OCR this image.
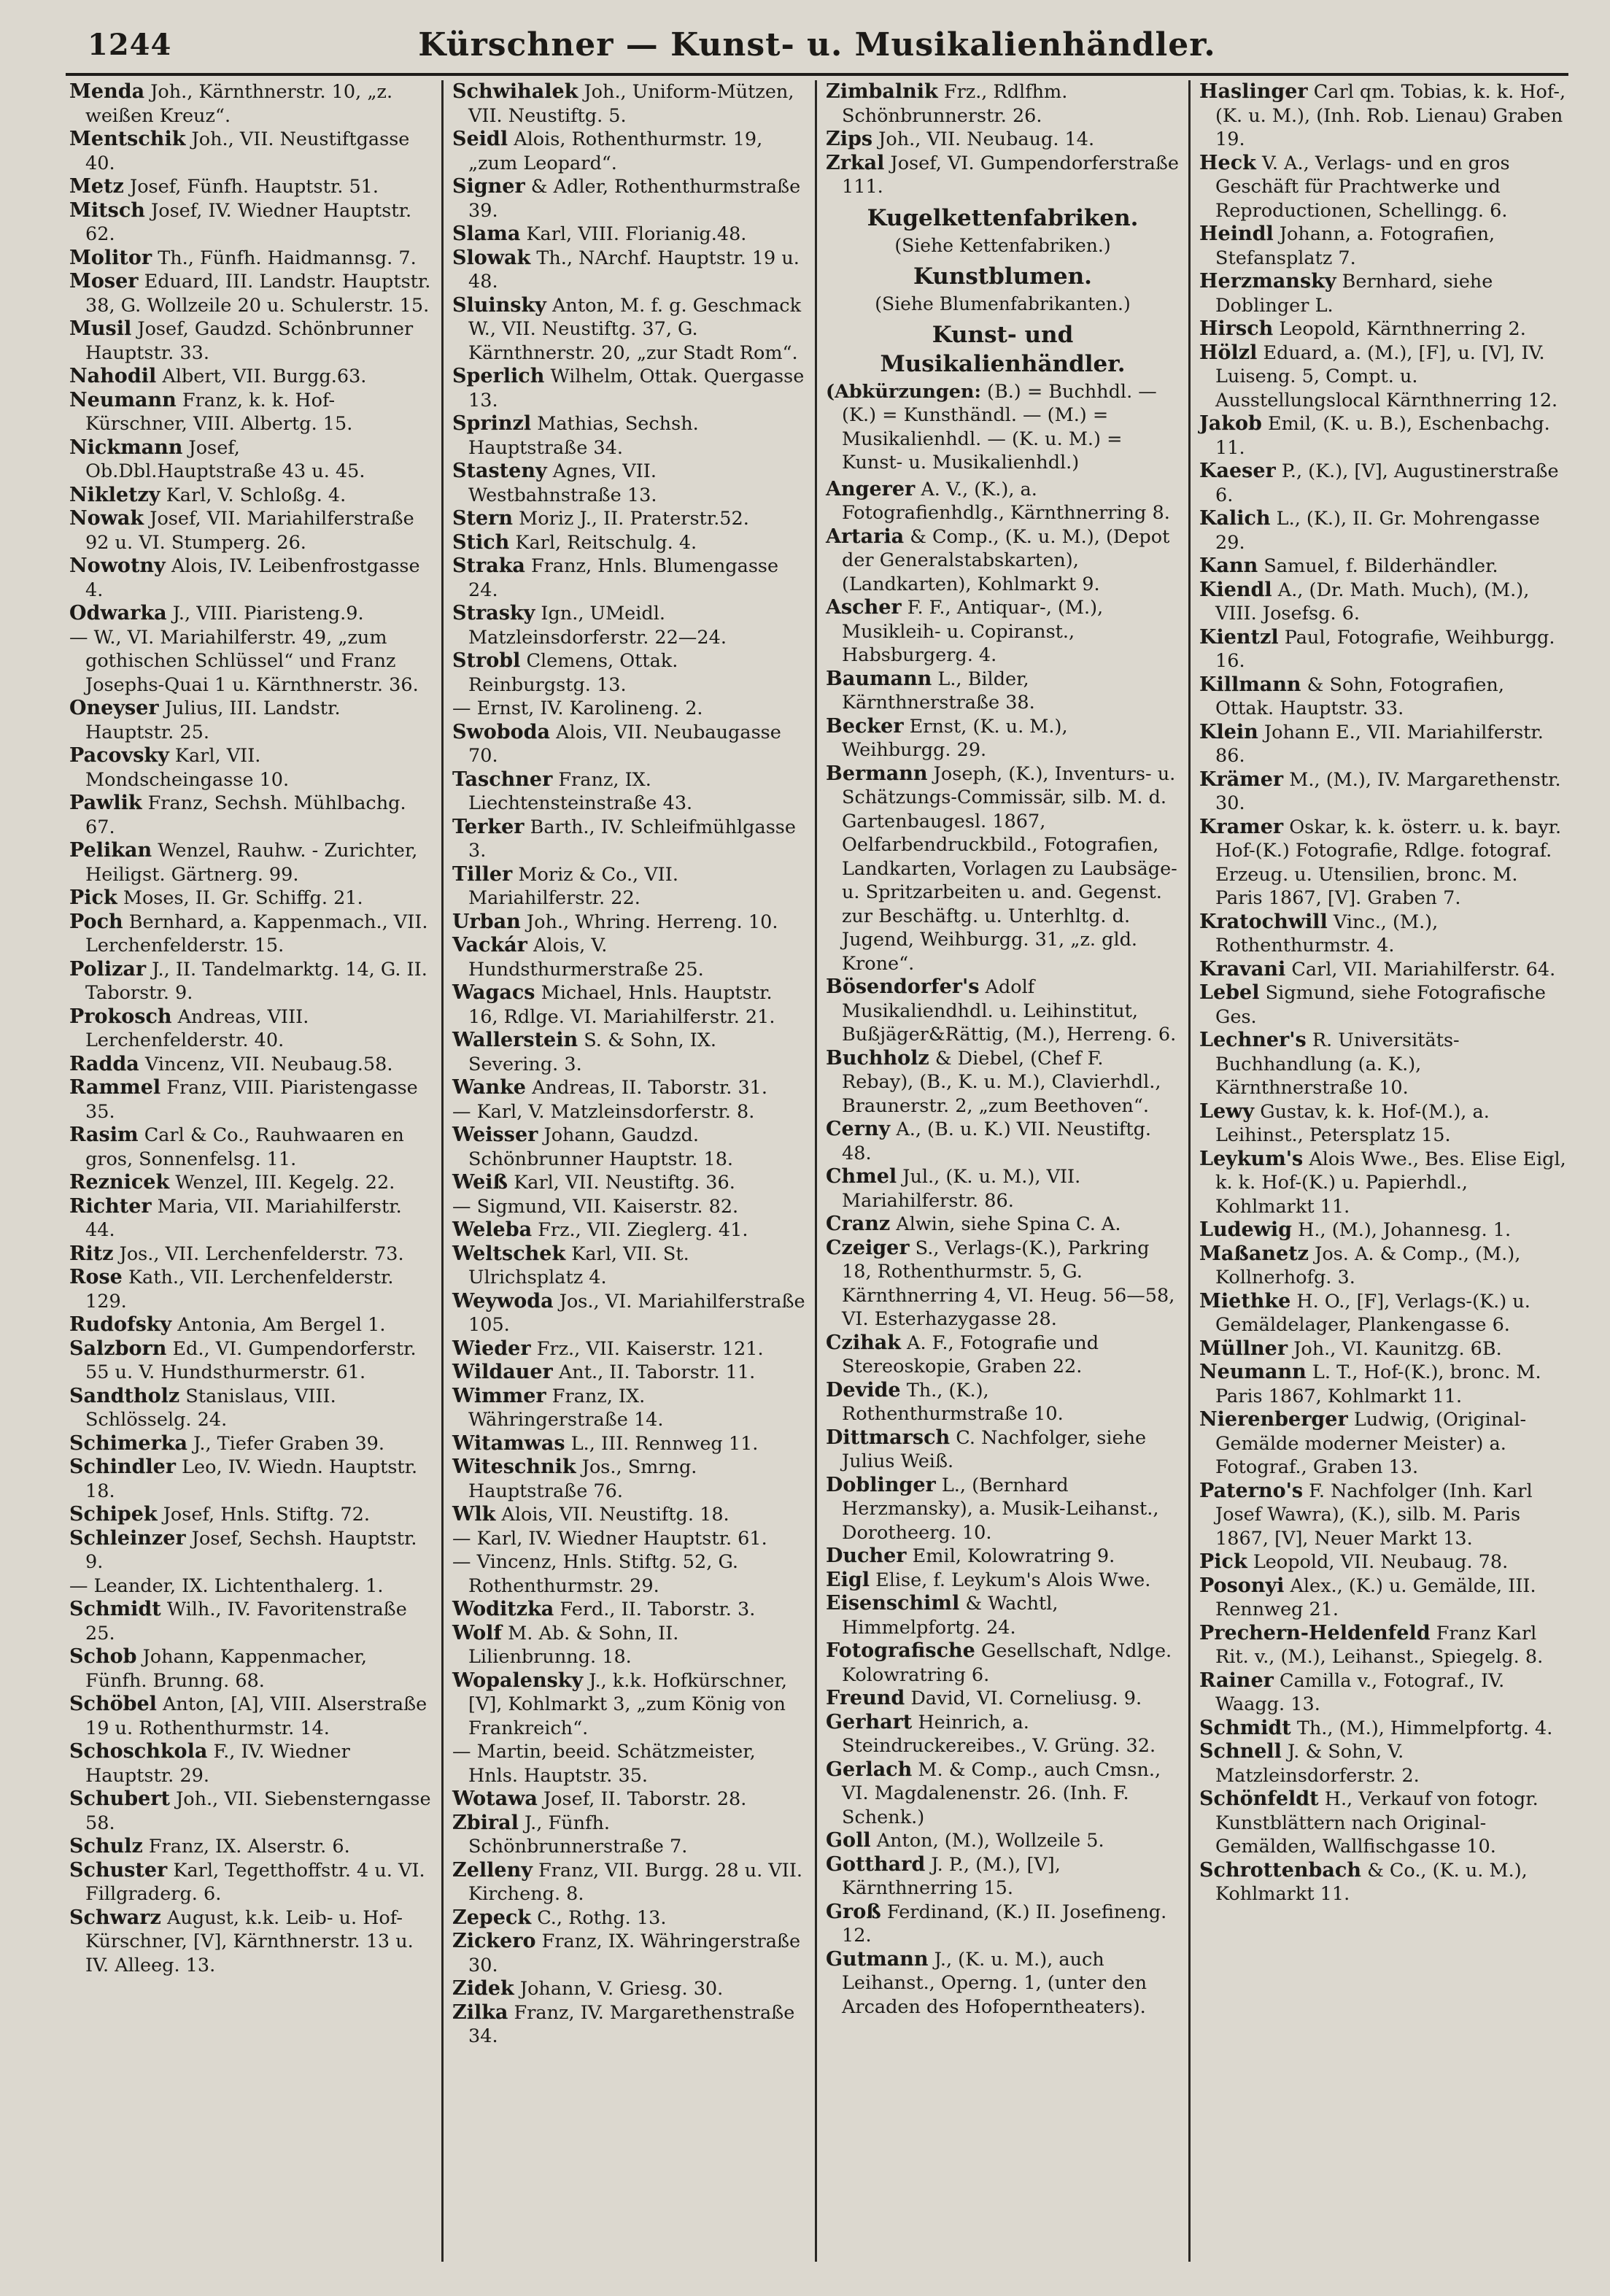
1244	Kürschner — Kunst- u. Musikalienhändler.

Menda Joh., Kärnthnerstr. 10, „z. weißen Kreuz“.

Mentschik Joh., VII. Neustiftgasse 40.

Metz Josef, Fünfh. Hauptstr. 51.

Mitsch Josef, IV. Wiedner Hauptstr. 62.

Molitor Th., Fünfh. Haidmannsg. 7.

Moser Eduard, III. Landstr. Hauptstr. 38, G. Wollzeile 20 u. Schulerstr. 15.

Musil Josef, Gaudzd. Schönbrunner Hauptstr. 33.

Nahodil Albert, VII. Burgg.63.

Neumann Franz, k. k. Hof-Kürschner, VIII. Albertg. 15.

Nickmann Josef, Ob.Dbl.Hauptstraße 43 u. 45.

Nikletzy Karl, V. Schloßg. 4.

Nowak Josef, VII. Mariahilferstraße 92 u. VI. Stumperg. 26.

Nowotny Alois, IV. Leibenfrostgasse 4.

Odwarka J., VIII. Piaristeng.9.

— W., VI. Mariahilferstr. 49, „zum gothischen Schlüssel“ und Franz Josephs-Quai 1 u. Kärnthnerstr. 36.

Oneyser Julius, III. Landstr. Hauptstr. 25.

Pacovsky Karl, VII. Mondscheingasse 10.

Pawlik Franz, Sechsh. Mühlbachg. 67.

Pelikan Wenzel, Rauhw. - Zurichter, Heiligst. Gärtnerg. 99.

Pick Moses, II. Gr. Schiffg. 21.

Poch Bernhard, a. Kappenmach., VII. Lerchenfelderstr. 15.

Polizar J., II. Tandelmarktg. 14, G. II. Taborstr. 9.

Prokosch Andreas, VIII. Lerchenfelderstr. 40.

Radda Vincenz, VII. Neubaug.58.

Rammel Franz, VIII. Piaristengasse 35.

Rasim Carl & Co., Rauhwaaren en gros, Sonnenfelsg. 11.

Reznicek Wenzel, III. Kegelg. 22.

Richter Maria, VII. Mariahilferstr. 44.

Ritz Jos., VII. Lerchenfelderstr. 73.

Rose Kath., VII. Lerchenfelderstr. 129.

Rudofsky Antonia, Am Bergel 1.

Salzborn Ed., VI. Gumpendorferstr. 55 u. V. Hundsthurmerstr. 61.

Sandtholz Stanislaus, VIII. Schlösselg. 24.

Schimerka J., Tiefer Graben 39.

Schindler Leo, IV. Wiedn. Hauptstr. 18.

Schipek Josef, Hnls. Stiftg. 72.

Schleinzer Josef, Sechsh. Hauptstr. 9.

— Leander, IX. Lichtenthalerg. 1.

Schmidt Wilh., IV. Favoritenstraße 25.

Schob Johann, Kappenmacher, Fünfh. Brunng. 68.

Schöbel Anton, [A], VIII. Alserstraße 19 u. Rothenthurmstr. 14.

Schoschkola F., IV. Wiedner Hauptstr. 29.

Schubert Joh., VII. Siebensterngasse 58.

Schulz Franz, IX. Alserstr. 6.

Schuster Karl, Tegetthoffstr. 4 u. VI. Fillgraderg. 6.

Schwarz August, k.k. Leib- u. Hof-Kürschner, [V], Kärnthnerstr. 13 u. IV. Alleeg. 13.

Schwihalek Joh., Uniform-Mützen, VII. Neustiftg. 5.

Seidl Alois, Rothenthurmstr. 19, „zum Leopard“.

Signer & Adler, Rothenthurmstraße 39.

Slama Karl, VIII. Florianig.48.

Slowak Th., NArchf. Hauptstr. 19 u. 48.

Sluinsky Anton, M. f. g. Geschmack W., VII. Neustiftg. 37, G. Kärnthnerstr. 20, „zur Stadt Rom“.

Sperlich Wilhelm, Ottak. Quergasse 13.

Sprinzl Mathias, Sechsh. Hauptstraße 34.

Stasteny Agnes, VII. Westbahnstraße 13.

Stern Moriz J., II. Praterstr.52.

Stich Karl, Reitschulg. 4.

Straka Franz, Hnls. Blumengasse 24.

Strasky Ign., UMeidl. Matzleinsdorferstr. 22—24.

Strobl Clemens, Ottak. Reinburgstg. 13.

— Ernst, IV. Karolineng. 2.

Swoboda Alois, VII. Neubaugasse 70.

Taschner Franz, IX. Liechtensteinstraße 43.

Terker Barth., IV. Schleifmühlgasse 3.

Tiller Moriz & Co., VII. Mariahilferstr. 22.

Urban Joh., Whring. Herreng. 10.

Vackár Alois, V. Hundsthurmerstraße 25.

Wagacs Michael, Hnls. Hauptstr. 16, Rdlge. VI. Mariahilferstr. 21.

Wallerstein S. & Sohn, IX. Severing. 3.

Wanke Andreas, II. Taborstr. 31.

— Karl, V. Matzleinsdorferstr. 8.

Weisser Johann, Gaudzd. Schönbrunner Hauptstr. 18.

Weiß Karl, VII. Neustiftg. 36.

— Sigmund, VII. Kaiserstr. 82.

Weleba Frz., VII. Zieglerg. 41.

Weltschek Karl, VII. St. Ulrichsplatz 4.

Weywoda Jos., VI. Mariahilferstraße 105.

Wieder Frz., VII. Kaiserstr. 121.

Wildauer Ant., II. Taborstr. 11.

Wimmer Franz, IX. Währingerstraße 14.

Witamwas L., III. Rennweg 11.

Witeschnik Jos., Smrng. Hauptstraße 76.

Wlk Alois, VII. Neustiftg. 18.

— Karl, IV. Wiedner Hauptstr. 61.

— Vincenz, Hnls. Stiftg. 52, G. Rothenthurmstr. 29.

Woditzka Ferd., II. Taborstr. 3.

Wolf M. Ab. & Sohn, II. Lilienbrunng. 18.

Wopalensky J., k.k. Hofkürschner, [V], Kohlmarkt 3, „zum König von Frankreich“.

— Martin, beeid. Schätzmeister, Hnls. Hauptstr. 35.

Wotawa Josef, II. Taborstr. 28.

Zbiral J., Fünfh. Schönbrunnerstraße 7.

Zelleny Franz, VII. Burgg. 28 u. VII. Kircheng. 8.

Zepeck C., Rothg. 13.

Zickero Franz, IX. Währingerstraße 30.

Zidek Johann, V. Griesg. 30.

Zilka Franz, IV. Margarethenstraße 34.

Zimbalnik Frz., Rdlfhm. Schönbrunnerstr. 26.

Zips Joh., VII. Neubaug. 14.

Zrkal Josef, VI. Gumpendorferstraße 111.

Kugelkettenfabriken.
(Siehe Kettenfabriken.)
Kunstblumen.
(Siehe Blumenfabrikanten.)
Kunst- und Musikalienhändler.
(Abkürzungen: (B.) = Buchhdl. — (K.) = Kunsthändl. — (M.) = Musikalienhdl. — (K. u. M.) = Kunst- u. Musikalienhdl.)

Angerer A. V., (K.), a. Fotografienhdlg., Kärnthnerring 8.

Artaria & Comp., (K. u. M.), (Depot der Generalstabskarten), (Landkarten), Kohlmarkt 9.

Ascher F. F., Antiquar-, (M.), Musikleih- u. Copiranst., Habsburgerg. 4.

Baumann L., Bilder, Kärnthnerstraße 38.

Becker Ernst, (K. u. M.), Weihburgg. 29.

Bermann Joseph, (K.), Inventurs- u. Schätzungs-Commissär, silb. M. d. Gartenbaugesl. 1867, Oelfarbendruckbild., Fotografien, Landkarten, Vorlagen zu Laubsäge- u. Spritzarbeiten u. and. Gegenst. zur Beschäftg. u. Unterhltg. d. Jugend, Weihburgg. 31, „z. gld. Krone“.

Bösendorfer's Adolf Musikaliendhdl. u. Leihinstitut, Bußjäger&Rättig, (M.), Herreng. 6.

Buchholz & Diebel, (Chef F. Rebay), (B., K. u. M.), Clavierhdl., Braunerstr. 2, „zum Beethoven“.

Cerny A., (B. u. K.) VII. Neustiftg. 48.

Chmel Jul., (K. u. M.), VII. Mariahilferstr. 86.

Cranz Alwin, siehe Spina C. A.

Czeiger S., Verlags-(K.), Parkring 18, Rothenthurmstr. 5, G. Kärnthnerring 4, VI. Heug. 56—58, VI. Esterhazygasse 28.

Czihak A. F., Fotografie und Stereoskopie, Graben 22.

Devide Th., (K.), Rothenthurmstraße 10.

Dittmarsch C. Nachfolger, siehe Julius Weiß.

Doblinger L., (Bernhard Herzmansky), a. Musik-Leihanst., Dorotheerg. 10.

Ducher Emil, Kolowratring 9.

Eigl Elise, f. Leykum's Alois Wwe.

Eisenschiml & Wachtl, Himmelpfortg. 24.

Fotografische Gesellschaft, Ndlge. Kolowratring 6.

Freund David, VI. Corneliusg. 9.

Gerhart Heinrich, a. Steindruckereibes., V. Grüng. 32.

Gerlach M. & Comp., auch Cmsn., VI. Magdalenenstr. 26. (Inh. F. Schenk.)

Goll Anton, (M.), Wollzeile 5.

Gotthard J. P., (M.), [V], Kärnthnerring 15.

Groß Ferdinand, (K.) II. Josefineng. 12.

Gutmann J., (K. u. M.), auch Leihanst., Operng. 1, (unter den Arcaden des Hofoperntheaters).

Haslinger Carl qm. Tobias, k. k. Hof-, (K. u. M.), (Inh. Rob. Lienau) Graben 19.

Heck V. A., Verlags- und en gros Geschäft für Prachtwerke und Reproductionen, Schellingg. 6.

Heindl Johann, a. Fotografien, Stefansplatz 7.

Herzmansky Bernhard, siehe Doblinger L.

Hirsch Leopold, Kärnthnerring 2.

Hölzl Eduard, a. (M.), [F], u. [V], IV. Luiseng. 5, Compt. u. Ausstellungslocal Kärnthnerring 12.

Jakob Emil, (K. u. B.), Eschenbachg. 11.

Kaeser P., (K.), [V], Augustinerstraße 6.

Kalich L., (K.), II. Gr. Mohrengasse 29.

Kann Samuel, f. Bilderhändler.

Kiendl A., (Dr. Math. Much), (M.), VIII. Josefsg. 6.

Kientzl Paul, Fotografie, Weihburgg. 16.

Killmann & Sohn, Fotografien, Ottak. Hauptstr. 33.

Klein Johann E., VII. Mariahilferstr. 86.

Krämer M., (M.), IV. Margarethenstr. 30.

Kramer Oskar, k. k. österr. u. k. bayr. Hof-(K.) Fotografie, Rdlge. fotograf. Erzeug. u. Utensilien, bronc. M. Paris 1867, [V]. Graben 7.

Kratochwill Vinc., (M.), Rothenthurmstr. 4.

Kravani Carl, VII. Mariahilferstr. 64.

Lebel Sigmund, siehe Fotografische Ges.

Lechner's R. Universitäts-Buchhandlung (a. K.), Kärnthnerstraße 10.

Lewy Gustav, k. k. Hof-(M.), a. Leihinst., Petersplatz 15.

Leykum's Alois Wwe., Bes. Elise Eigl, k. k. Hof-(K.) u. Papierhdl., Kohlmarkt 11.

Ludewig H., (M.), Johannesg. 1.

Maßanetz Jos. A. & Comp., (M.), Kollnerhofg. 3.

Miethke H. O., [F], Verlags-(K.) u. Gemäldelager, Plankengasse 6.

Müllner Joh., VI. Kaunitzg. 6B.

Neumann L. T., Hof-(K.), bronc. M. Paris 1867, Kohlmarkt 11.

Nierenberger Ludwig, (Original-Gemälde moderner Meister) a. Fotograf., Graben 13.

Paterno's F. Nachfolger (Inh. Karl Josef Wawra), (K.), silb. M. Paris 1867, [V], Neuer Markt 13.

Pick Leopold, VII. Neubaug. 78.

Posonyi Alex., (K.) u. Gemälde, III. Rennweg 21.

Prechern-Heldenfeld Franz Karl Rit. v., (M.), Leihanst., Spiegelg. 8.

Rainer Camilla v., Fotograf., IV. Waagg. 13.

Schmidt Th., (M.), Himmelpfortg. 4.

Schnell J. & Sohn, V. Matzleinsdorferstr. 2.

Schönfeldt H., Verkauf von fotogr. Kunstblättern nach Original-Gemälden, Wallfischgasse 10.

Schrottenbach & Co., (K. u. M.), Kohlmarkt 11.
